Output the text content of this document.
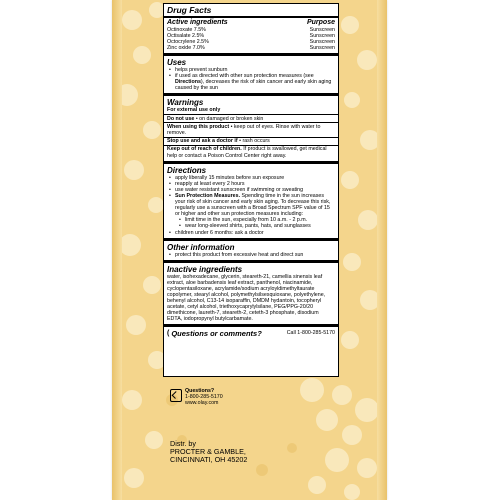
Drug Facts
Active ingredients	Purpose
Octinoxate 7.5%	Sunscreen
Octisalate 2.5%	Sunscreen
Octocrylene 2.5%	Sunscreen
Zinc oxide 7.0%	Sunscreen
Uses
• helps prevent sunburn
• if used as directed with other sun protection measures (see Directions), decreases the risk of skin cancer and early skin aging caused by the sun
Warnings
For external use only
Do not use • on damaged or broken skin
When using this product • keep out of eyes. Rinse with water to remove.
Stop use and ask a doctor if • rash occurs
Keep out of reach of children. If product is swallowed, get medical help or contact a Poison Control Center right away.
Directions
• apply liberally 15 minutes before sun exposure
• reapply at least every 2 hours
• use water resistant sunscreen if swimming or sweating
• Sun Protection Measures. Spending time in the sun increases your risk of skin cancer and early skin aging. To decrease this risk, regularly use a sunscreen with a Broad Spectrum SPF value of 15 or higher and other sun protection measures including:
• limit time in the sun, especially from 10 a.m. - 2 p.m.
• wear long-sleeved shirts, pants, hats, and sunglasses
• children under 6 months: ask a doctor
Other information
• protect this product from excessive heat and direct sun
Inactive ingredients
water, isohexadecane, glycerin, steareth-21, camellia sinensis leaf extract, aloe barbadensis leaf extract, panthenol, niacinamide, cyclopentasiloxane, acrylamide/sodium acryloyldimethyltaurate copolymer, stearyl alcohol, polymethylsilsesquioxane, polyethylene, behenyl alcohol, C13-14 isoparaffin, DMDM hydantoin, tocopheryl acetate, cetyl alcohol, triethoxycaprylylsilane, PEG/PPG-20/20 dimethicone, laureth-7, steareth-2, ceteth-3 phosphate, disodium EDTA, iodopropynyl butylcarbamate.
( Questions or comments?	Call 1-800-285-5170
Questions?
1-800-285-5170
www.olay.com
Distr. by
PROCTER & GAMBLE,
CINCINNATI, OH 45202
